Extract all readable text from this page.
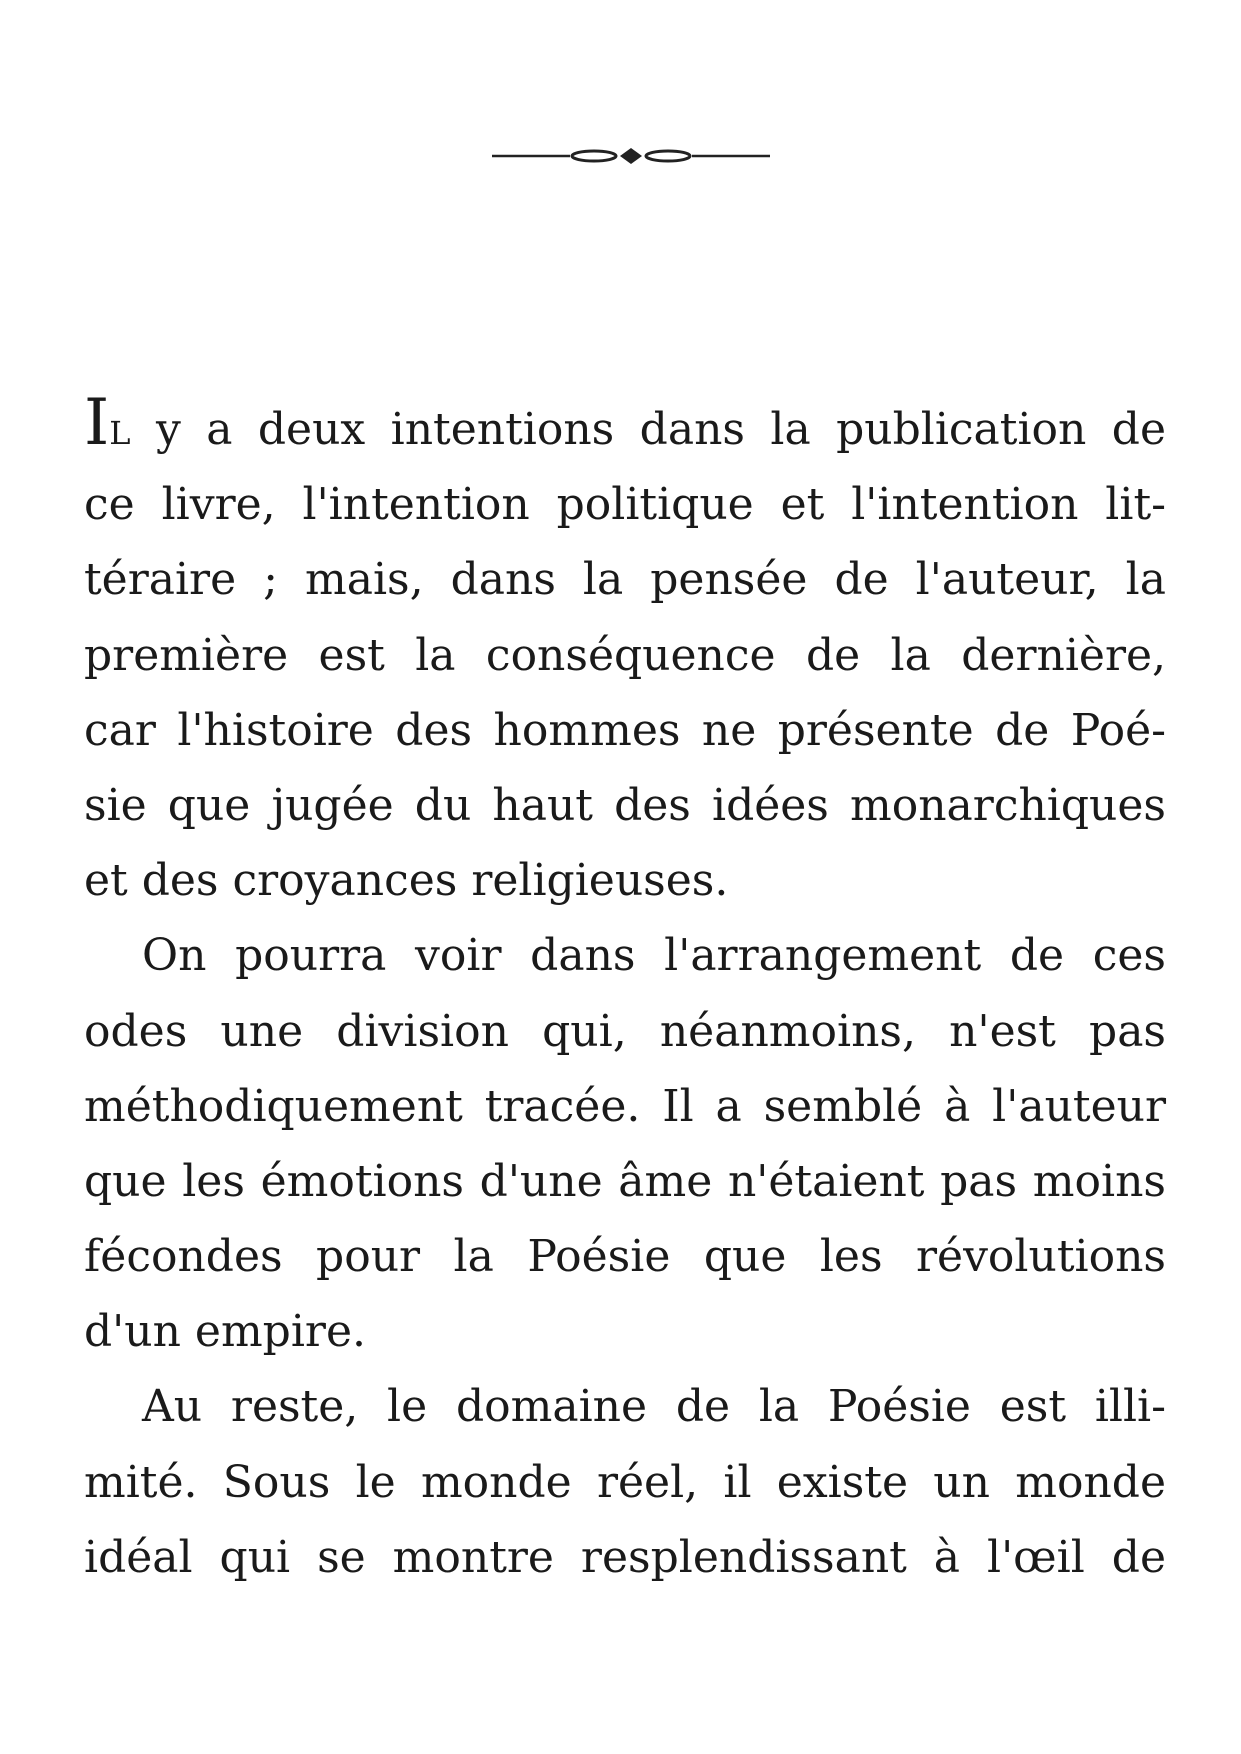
IL y a deux intentions dans la publication de
ce livre, l'intention politique et l'intention lit-
téraire ; mais, dans la pensée de l'auteur, la
première est la conséquence de la dernière,
car l'histoire des hommes ne présente de Poé-
sie que jugée du haut des idées monarchiques
et des croyances religieuses.
On pourra voir dans l'arrangement de ces
odes une division qui, néanmoins, n'est pas
méthodiquement tracée. Il a semblé à l'auteur
que les émotions d'une âme n'étaient pas moins
fécondes pour la Poésie que les révolutions
d'un empire.
Au reste, le domaine de la Poésie est illi-
mité. Sous le monde réel, il existe un monde
idéal qui se montre resplendissant à l'œil de
